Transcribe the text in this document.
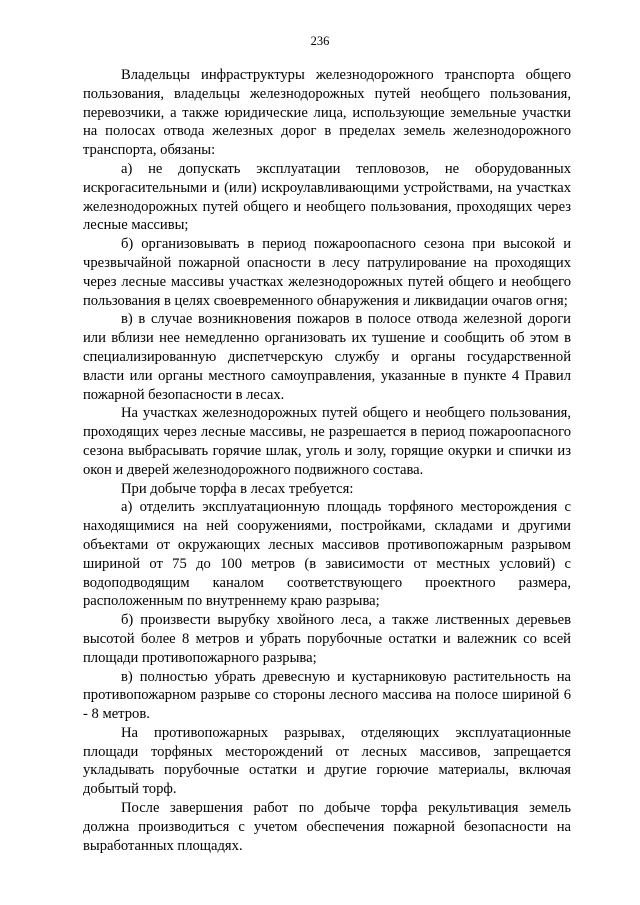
236

Владельцы инфраструктуры железнодорожного транспорта общего пользования, владельцы железнодорожных путей необщего пользования, перевозчики, а также юридические лица, использующие земельные участки на полосах отвода железных дорог в пределах земель железнодорожного транспорта, обязаны:

а) не допускать эксплуатации тепловозов, не оборудованных искрогасительными и (или) искроулавливающими устройствами, на участках железнодорожных путей общего и необщего пользования, проходящих через лесные массивы;

б) организовывать в период пожароопасного сезона при высокой и чрезвычайной пожарной опасности в лесу патрулирование на проходящих через лесные массивы участках железнодорожных путей общего и необщего пользования в целях своевременного обнаружения и ликвидации очагов огня;

в) в случае возникновения пожаров в полосе отвода железной дороги или вблизи нее немедленно организовать их тушение и сообщить об этом в специализированную диспетчерскую службу и органы государственной власти или органы местного самоуправления, указанные в пункте 4 Правил пожарной безопасности в лесах.

На участках железнодорожных путей общего и необщего пользования, проходящих через лесные массивы, не разрешается в период пожароопасного сезона выбрасывать горячие шлак, уголь и золу, горящие окурки и спички из окон и дверей железнодорожного подвижного состава.

При добыче торфа в лесах требуется:

а) отделить эксплуатационную площадь торфяного месторождения с находящимися на ней сооружениями, постройками, складами и другими объектами от окружающих лесных массивов противопожарным разрывом шириной от 75 до 100 метров (в зависимости от местных условий) с водоподводящим каналом соответствующего проектного размера, расположенным по внутреннему краю разрыва;

б) произвести вырубку хвойного леса, а также лиственных деревьев высотой более 8 метров и убрать порубочные остатки и валежник со всей площади противопожарного разрыва;

в) полностью убрать древесную и кустарниковую растительность на противопожарном разрыве со стороны лесного массива на полосе шириной 6 - 8 метров.

На противопожарных разрывах, отделяющих эксплуатационные площади торфяных месторождений от лесных массивов, запрещается укладывать порубочные остатки и другие горючие материалы, включая добытый торф.

После завершения работ по добыче торфа рекультивация земель должна производиться с учетом обеспечения пожарной безопасности на выработанных площадях.
